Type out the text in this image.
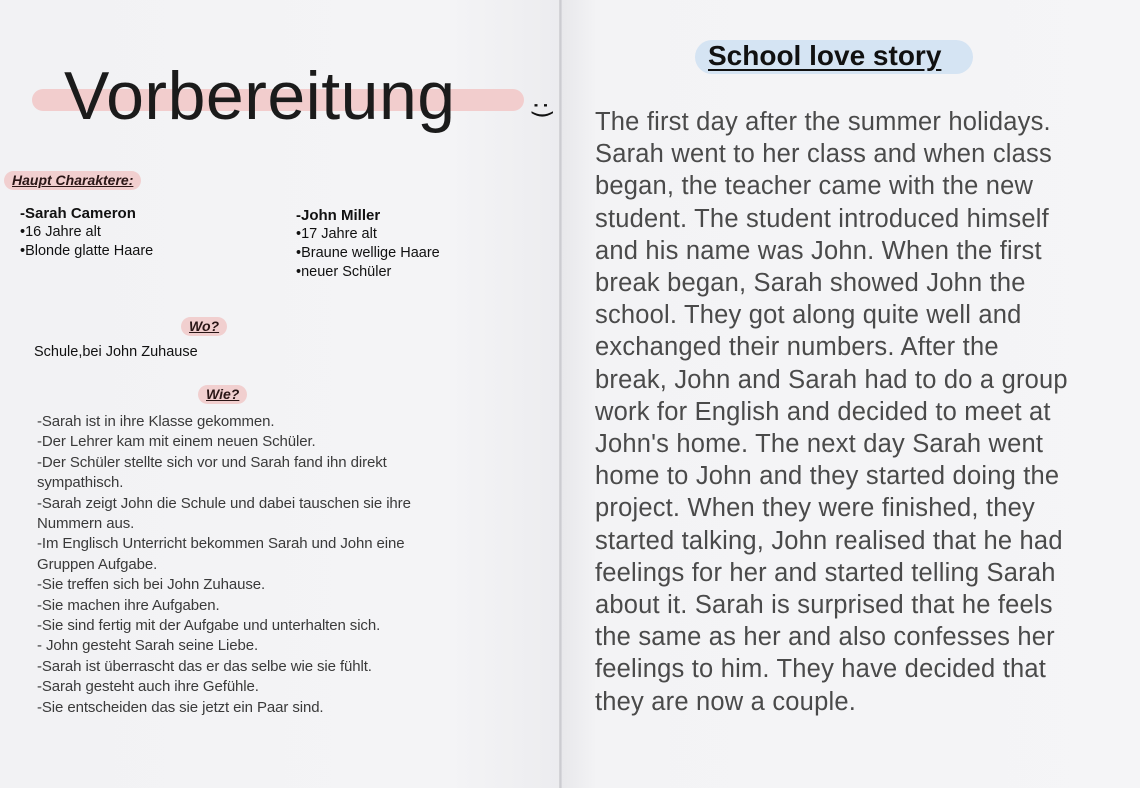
Vorbereitung	:)
Haupt Charaktere:
-Sarah Cameron
•16 Jahre alt
•Blonde glatte Haare
-John Miller
•17 Jahre alt
•Braune wellige Haare
•neuer Schüler
Wo?
Schule,bei John Zuhause
Wie?
-Sarah ist in ihre Klasse gekommen.
-Der Lehrer kam mit einem neuen Schüler.
-Der Schüler stellte sich vor und Sarah fand ihn direkt
sympathisch.
-Sarah zeigt John die Schule und dabei tauschen sie ihre
Nummern aus.
-Im Englisch Unterricht bekommen Sarah und John eine
Gruppen Aufgabe.
-Sie treffen sich bei John Zuhause.
-Sie machen ihre Aufgaben.
-Sie sind fertig mit der Aufgabe und unterhalten sich.
- John gesteht Sarah seine Liebe.
-Sarah ist überrascht das er das selbe wie sie fühlt.
-Sarah gesteht auch ihre Gefühle.
-Sie entscheiden das sie jetzt ein Paar sind.
School love story
The first day after the summer holidays.
Sarah went to her class and when class
began, the teacher came with the new
student. The student introduced himself
and his name was John. When the first
break began, Sarah showed John the
school. They got along quite well and
exchanged their numbers. After the
break, John and Sarah had to do a group
work for English and decided to meet at
John's home. The next day Sarah went
home to John and they started doing the
project. When they were finished, they
started talking, John realised that he had
feelings for her and started telling Sarah
about it. Sarah is surprised that he feels
the same as her and also confesses her
feelings to him. They have decided that
they are now a couple.
